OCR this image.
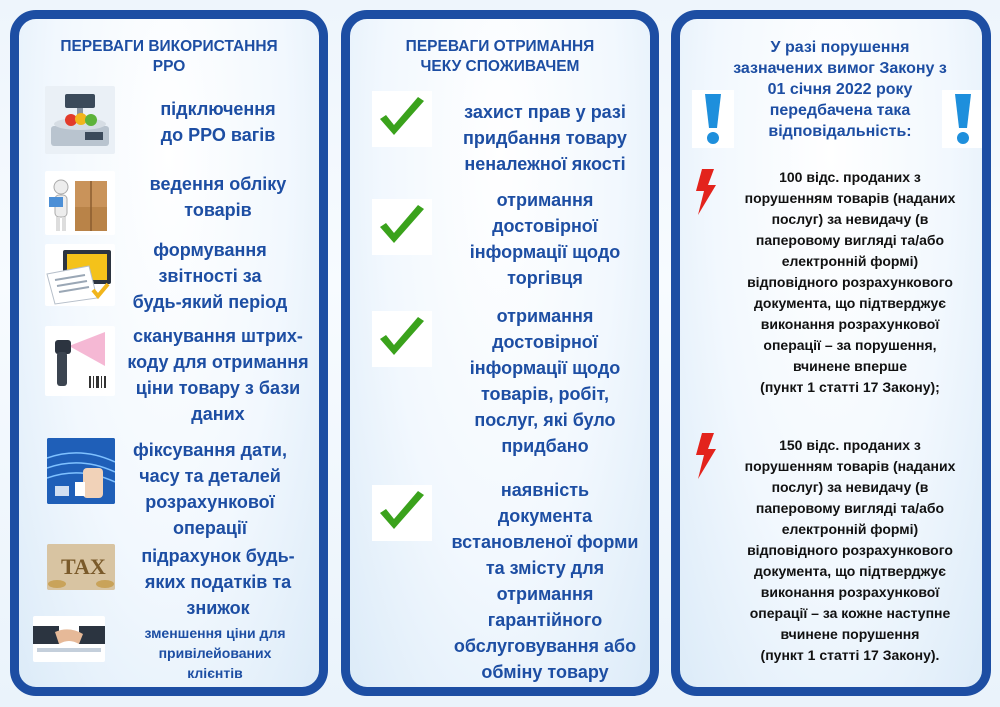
ПЕРЕВАГИ ВИКОРИСТАННЯ
РРО
підключення
до РРО вагів
ведення обліку
товарів
формування
звітності за
будь-який період
сканування штрих-
коду для отримання
ціни товару з бази
даних
фіксування дати,
часу та деталей
розрахункової
операції
TAX	підрахунок будь-
яких податків та
знижок
зменшення ціни для
привілейованих
клієнтів
ПЕРЕВАГИ ОТРИМАННЯ
ЧЕКУ СПОЖИВАЧЕМ
захист прав у разі
придбання товару
неналежної якості
отримання
достовірної
інформації щодо
торгівця
отримання
достовірної
інформації щодо
товарів, робіт,
послуг, які було
придбано
наявність
документа
встановленої форми
та змісту для
отримання
гарантійного
обслуговування або
обміну товару
У разі порушення
зазначених вимог Закону з
01 січня 2022 року
передбачена така
відповідальність:
100 відс. проданих з
порушенням товарів (наданих
послуг) за невидачу (в
паперовому вигляді та/або
електронній формі)
відповідного розрахункового
документа, що підтверджує
виконання розрахункової
операції – за порушення,
вчинене вперше
(пункт 1 статті 17 Закону);
150 відс. проданих з
порушенням товарів (наданих
послуг) за невидачу (в
паперовому вигляді та/або
електронній формі)
відповідного розрахункового
документа, що підтверджує
виконання розрахункової
операції – за кожне наступне
вчинене порушення
(пункт 1 статті 17 Закону).
